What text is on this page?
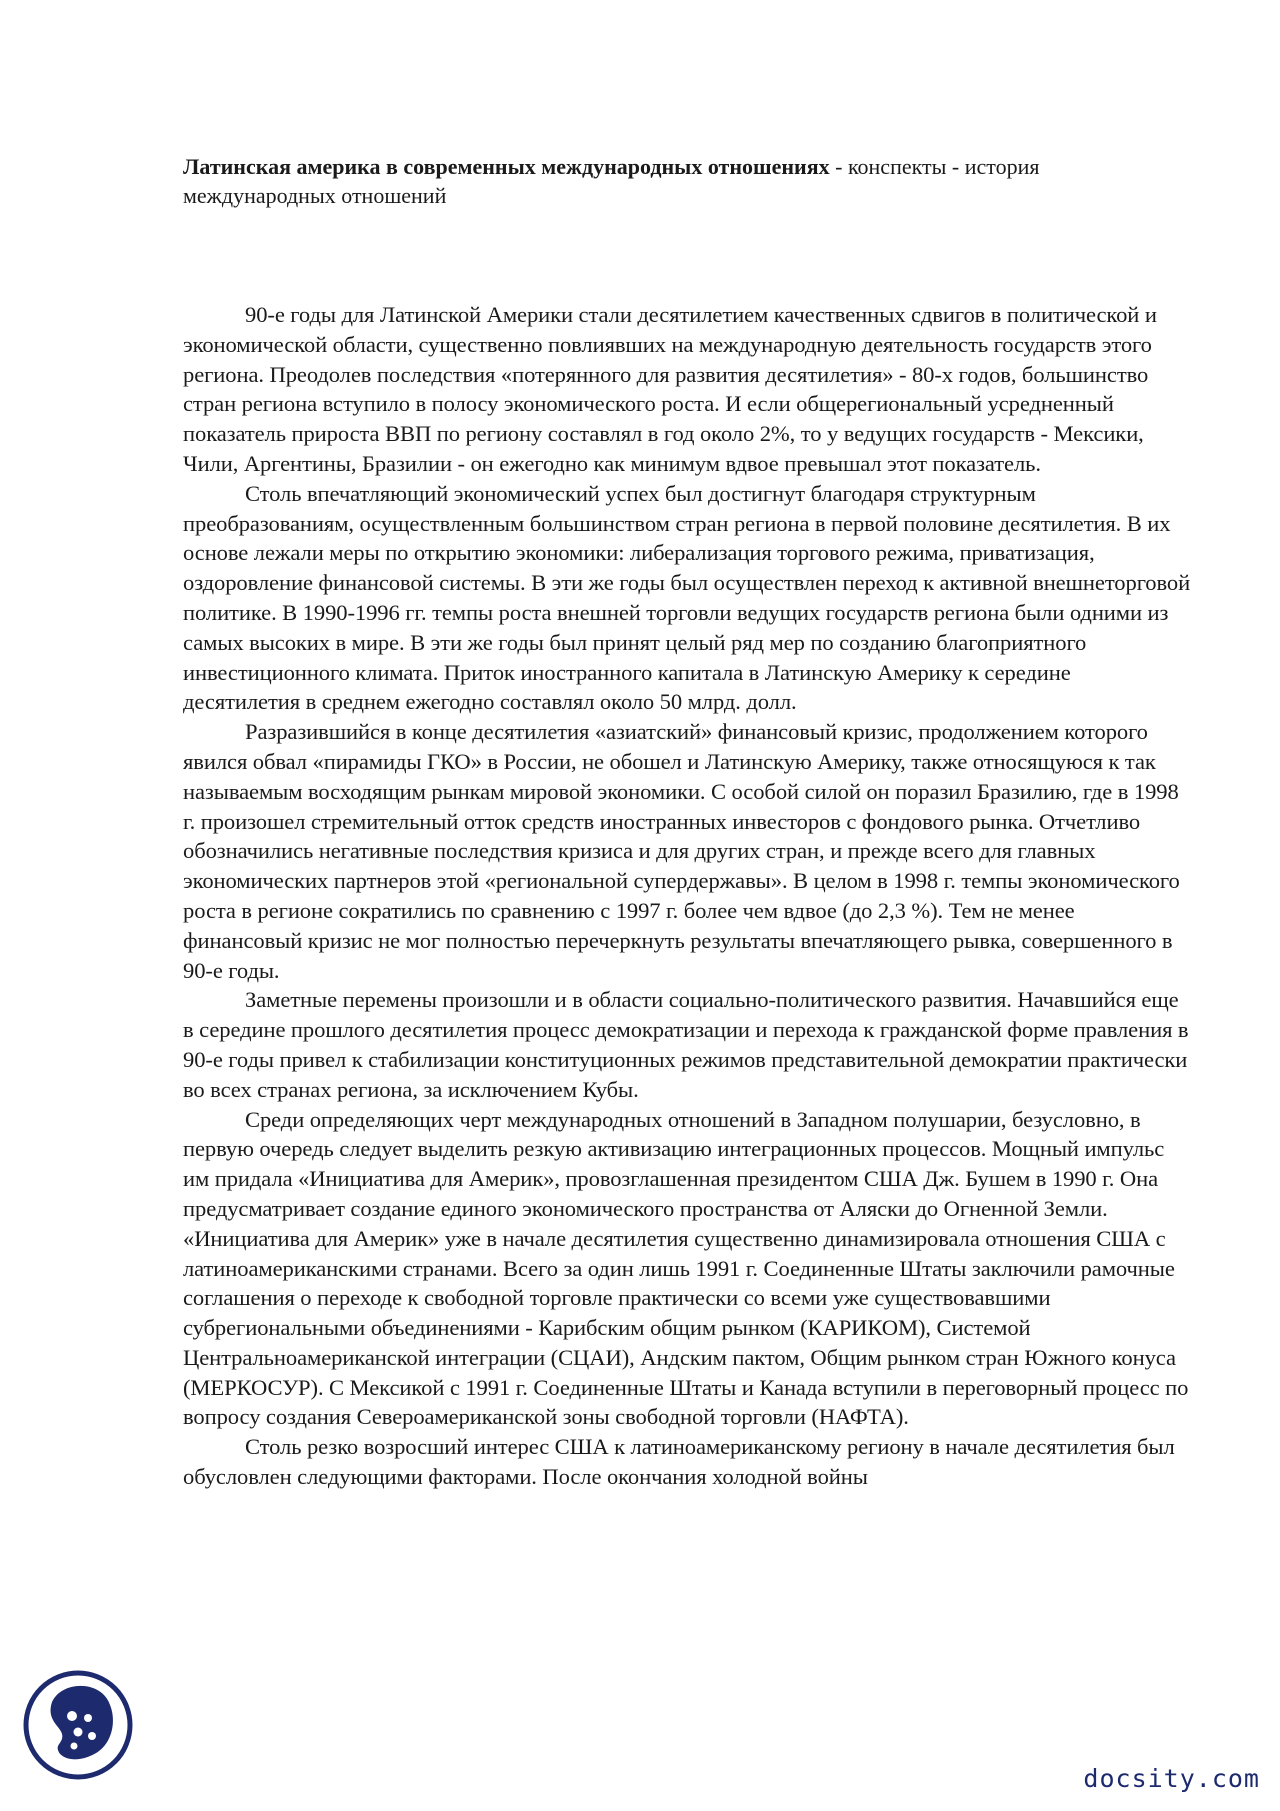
Латинская америка в современных международных отношениях - конспекты - история международных отношений

90-е годы для Латинской Америки стали десятилетием качественных сдвигов в политической и экономической области, существенно повлиявших на международную деятельность государств этого региона. Преодолев последствия «потерянного для развития десятилетия» - 80-х годов, большинство стран региона вступило в полосу экономического роста. И если общерегиональный усредненный показатель прироста ВВП по региону составлял в год около 2%, то у ведущих государств - Мексики, Чили, Аргентины, Бразилии - он ежегодно как минимум вдвое превышал этот показатель.

Столь впечатляющий экономический успех был достигнут благодаря структурным преобразованиям, осуществленным большинством стран региона в первой половине десятилетия. В их основе лежали меры по открытию экономики: либерализация торгового режима, приватизация, оздоровление финансовой системы. В эти же годы был осуществлен переход к активной внешнеторговой политике. В 1990-1996 гг. темпы роста внешней торговли ведущих государств региона были одними из самых высоких в мире. В эти же годы был принят целый ряд мер по созданию благоприятного инвестиционного климата. Приток иностранного капитала в Латинскую Америку к середине десятилетия в среднем ежегодно составлял около 50 млрд. долл.

Разразившийся в конце десятилетия «азиатский» финансовый кризис, продолжением которого явился обвал «пирамиды ГКО» в России, не обошел и Латинскую Америку, также относящуюся к так называемым восходящим рынкам мировой экономики. С особой силой он поразил Бразилию, где в 1998 г. произошел стремительный отток средств иностранных инвесторов с фондового рынка. Отчетливо обозначились негативные последствия кризиса и для других стран, и прежде всего для главных экономических партнеров этой «региональной супердержавы». В целом в 1998 г. темпы экономического роста в регионе сократились по сравнению с 1997 г. более чем вдвое (до 2,3 %). Тем не менее финансовый кризис не мог полностью перечеркнуть результаты впечатляющего рывка, совершенного в 90-е годы.

Заметные перемены произошли и в области социально-политического развития. Начавшийся еще в середине прошлого десятилетия процесс демократизации и перехода к гражданской форме правления в 90-е годы привел к стабилизации конституционных режимов представительной демократии практически во всех странах региона, за исключением Кубы.

Среди определяющих черт международных отношений в Западном полушарии, безусловно, в первую очередь следует выделить резкую активизацию интеграционных процессов. Мощный импульс им придала «Инициатива для Америк», провозглашенная президентом США Дж. Бушем в 1990 г. Она предусматривает создание единого экономического пространства от Аляски до Огненной Земли. «Инициатива для Америк» уже в начале десятилетия существенно динамизировала отношения США с латиноамериканскими странами. Всего за один лишь 1991 г. Соединенные Штаты заключили рамочные соглашения о переходе к свободной торговле практически со всеми уже существовавшими субрегиональными объединениями - Карибским общим рынком (КАРИКОМ), Системой Центральноамериканской интеграции (СЦАИ), Андским пактом, Общим рынком стран Южного конуса (МЕРКОСУР). С Мексикой с 1991 г. Соединенные Штаты и Канада вступили в переговорный процесс по вопросу создания Североамериканской зоны свободной торговли (НАФТА).

Столь резко возросший интерес США к латиноамериканскому региону в начале десятилетия был обусловлен следующими факторами. После окончания холодной войны

docsity.com
